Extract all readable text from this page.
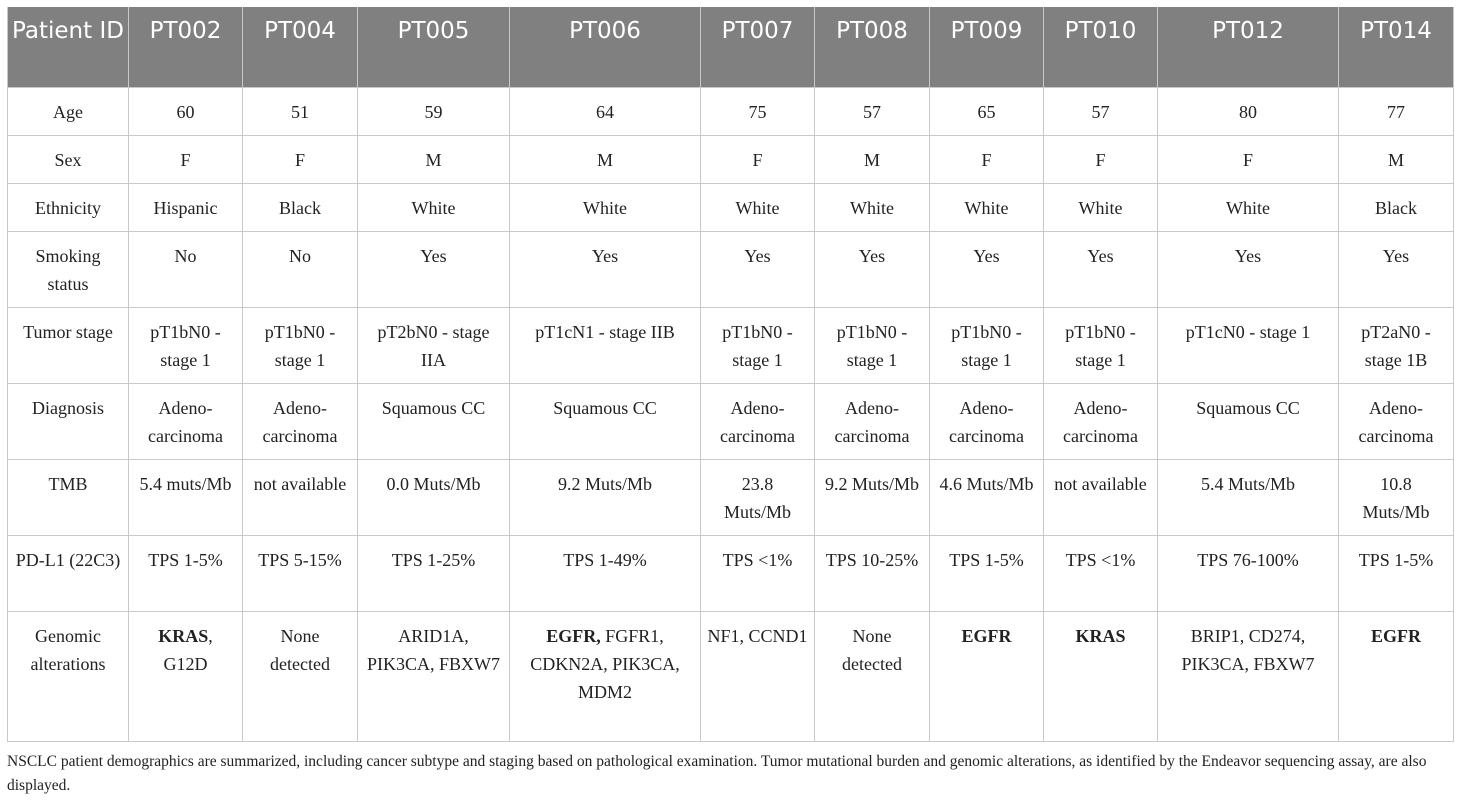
Patient ID	PT002	PT004	PT005	PT006	PT007	PT008	PT009	PT010	PT012	PT014
Age	60	51	59	64	75	57	65	57	80	77
Sex	F	F	M	M	F	M	F	F	F	M
Ethnicity	Hispanic	Black	White	White	White	White	White	White	White	Black
Smoking status	No	No	Yes	Yes	Yes	Yes	Yes	Yes	Yes	Yes
Tumor stage	pT1bN0 - stage 1	pT1bN0 - stage 1	pT2bN0 - stage IIA	pT1cN1 - stage IIB	pT1bN0 - stage 1	pT1bN0 - stage 1	pT1bN0 - stage 1	pT1bN0 - stage 1	pT1cN0 - stage 1	pT2aN0 - stage 1B
Diagnosis	Adeno-carcinoma	Adeno-carcinoma	Squamous CC	Squamous CC	Adeno-carcinoma	Adeno-carcinoma	Adeno-carcinoma	Adeno-carcinoma	Squamous CC	Adeno-carcinoma
TMB	5.4 muts/Mb	not available	0.0 Muts/Mb	9.2 Muts/Mb	23.8 Muts/Mb	9.2 Muts/Mb	4.6 Muts/Mb	not available	5.4 Muts/Mb	10.8 Muts/Mb
PD-L1 (22C3)	TPS 1-5%	TPS 5-15%	TPS 1-25%	TPS 1-49%	TPS <1%	TPS 10-25%	TPS 1-5%	TPS <1%	TPS 76-100%	TPS 1-5%
Genomic alterations	KRAS, G12D	None detected	ARID1A, PIK3CA, FBXW7	EGFR, FGFR1, CDKN2A, PIK3CA, MDM2	NF1, CCND1	None detected	EGFR	KRAS	BRIP1, CD274, PIK3CA, FBXW7	EGFR
NSCLC patient demographics are summarized, including cancer subtype and staging based on pathological examination. Tumor mutational burden and genomic alterations, as identified by the Endeavor sequencing assay, are also displayed.
